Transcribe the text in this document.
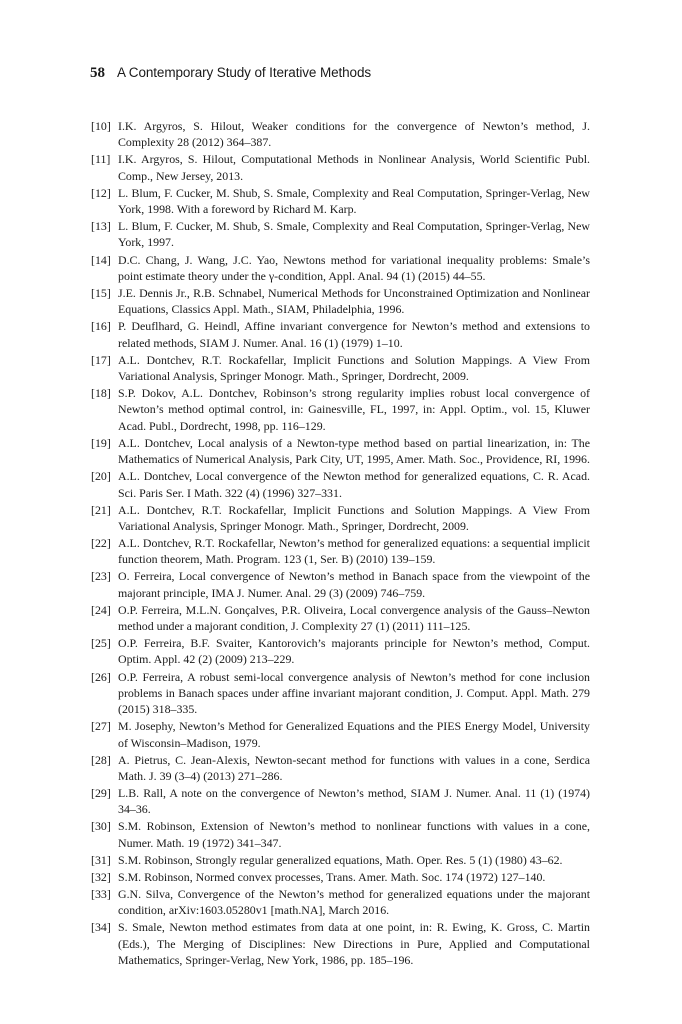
58 A Contemporary Study of Iterative Methods
[10] I.K. Argyros, S. Hilout, Weaker conditions for the convergence of Newton’s method, J. Complexity 28 (2012) 364–387.
[11] I.K. Argyros, S. Hilout, Computational Methods in Nonlinear Analysis, World Scientific Publ. Comp., New Jersey, 2013.
[12] L. Blum, F. Cucker, M. Shub, S. Smale, Complexity and Real Computation, Springer-Verlag, New York, 1998. With a foreword by Richard M. Karp.
[13] L. Blum, F. Cucker, M. Shub, S. Smale, Complexity and Real Computation, Springer-Verlag, New York, 1997.
[14] D.C. Chang, J. Wang, J.C. Yao, Newtons method for variational inequality problems: Smale’s point estimate theory under the γ-condition, Appl. Anal. 94 (1) (2015) 44–55.
[15] J.E. Dennis Jr., R.B. Schnabel, Numerical Methods for Unconstrained Optimization and Nonlinear Equations, Classics Appl. Math., SIAM, Philadelphia, 1996.
[16] P. Deuflhard, G. Heindl, Affine invariant convergence for Newton’s method and extensions to related methods, SIAM J. Numer. Anal. 16 (1) (1979) 1–10.
[17] A.L. Dontchev, R.T. Rockafellar, Implicit Functions and Solution Mappings. A View From Variational Analysis, Springer Monogr. Math., Springer, Dordrecht, 2009.
[18] S.P. Dokov, A.L. Dontchev, Robinson’s strong regularity implies robust local convergence of Newton’s method optimal control, in: Gainesville, FL, 1997, in: Appl. Optim., vol. 15, Kluwer Acad. Publ., Dordrecht, 1998, pp. 116–129.
[19] A.L. Dontchev, Local analysis of a Newton-type method based on partial linearization, in: The Mathematics of Numerical Analysis, Park City, UT, 1995, Amer. Math. Soc., Providence, RI, 1996.
[20] A.L. Dontchev, Local convergence of the Newton method for generalized equations, C. R. Acad. Sci. Paris Ser. I Math. 322 (4) (1996) 327–331.
[21] A.L. Dontchev, R.T. Rockafellar, Implicit Functions and Solution Mappings. A View From Variational Analysis, Springer Monogr. Math., Springer, Dordrecht, 2009.
[22] A.L. Dontchev, R.T. Rockafellar, Newton’s method for generalized equations: a sequential implicit function theorem, Math. Program. 123 (1, Ser. B) (2010) 139–159.
[23] O. Ferreira, Local convergence of Newton’s method in Banach space from the viewpoint of the majorant principle, IMA J. Numer. Anal. 29 (3) (2009) 746–759.
[24] O.P. Ferreira, M.L.N. Gonçalves, P.R. Oliveira, Local convergence analysis of the Gauss–Newton method under a majorant condition, J. Complexity 27 (1) (2011) 111–125.
[25] O.P. Ferreira, B.F. Svaiter, Kantorovich’s majorants principle for Newton’s method, Comput. Optim. Appl. 42 (2) (2009) 213–229.
[26] O.P. Ferreira, A robust semi-local convergence analysis of Newton’s method for cone inclusion problems in Banach spaces under affine invariant majorant condition, J. Comput. Appl. Math. 279 (2015) 318–335.
[27] M. Josephy, Newton’s Method for Generalized Equations and the PIES Energy Model, University of Wisconsin–Madison, 1979.
[28] A. Pietrus, C. Jean-Alexis, Newton-secant method for functions with values in a cone, Serdica Math. J. 39 (3–4) (2013) 271–286.
[29] L.B. Rall, A note on the convergence of Newton’s method, SIAM J. Numer. Anal. 11 (1) (1974) 34–36.
[30] S.M. Robinson, Extension of Newton’s method to nonlinear functions with values in a cone, Numer. Math. 19 (1972) 341–347.
[31] S.M. Robinson, Strongly regular generalized equations, Math. Oper. Res. 5 (1) (1980) 43–62.
[32] S.M. Robinson, Normed convex processes, Trans. Amer. Math. Soc. 174 (1972) 127–140.
[33] G.N. Silva, Convergence of the Newton’s method for generalized equations under the majorant condition, arXiv:1603.05280v1 [math.NA], March 2016.
[34] S. Smale, Newton method estimates from data at one point, in: R. Ewing, K. Gross, C. Martin (Eds.), The Merging of Disciplines: New Directions in Pure, Applied and Computational Mathematics, Springer-Verlag, New York, 1986, pp. 185–196.
